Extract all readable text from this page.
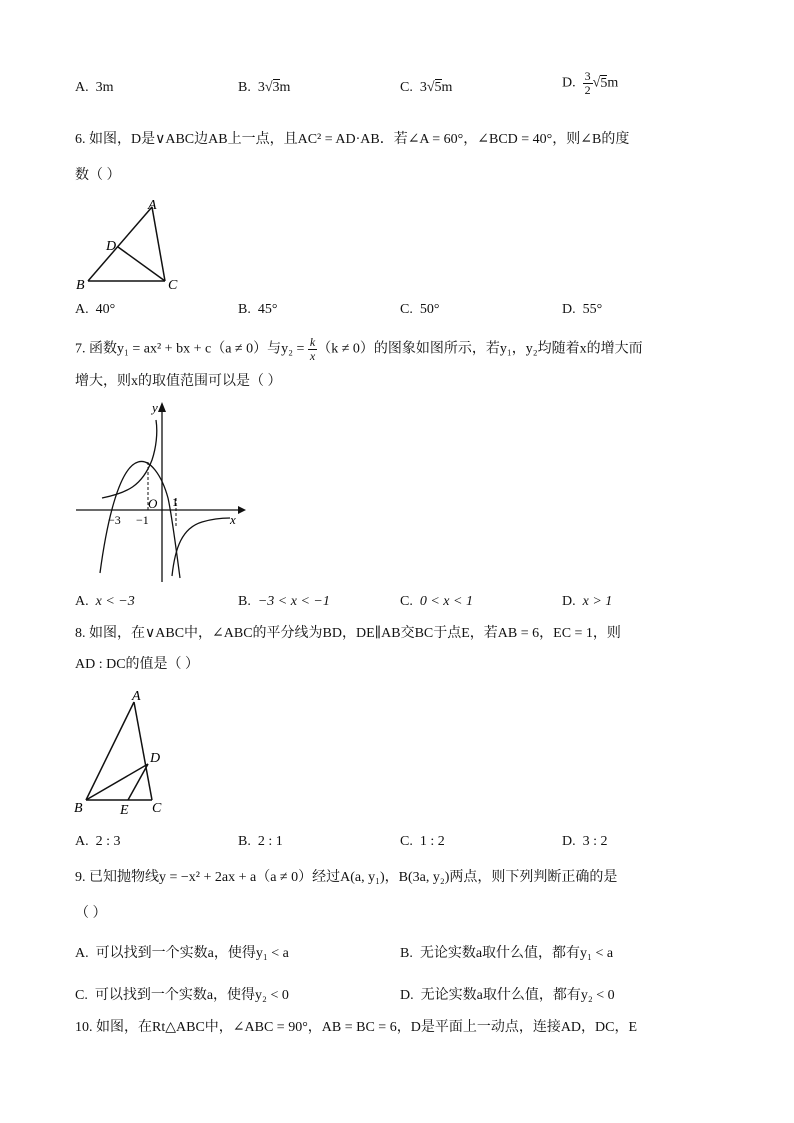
A. 3m	B. 3√3m	C. 3√5m	D. $\frac{3}{2} √5m$
6. 如图，D是∨ABC边AB上一点，且AC² = AD·AB．若∠A = 60°，∠BCD = 40°，则∠B的度
数（ ）
A
D
B	C
A. 40°	B. 45°	C. 50°	D. 55°
7. 函数y₁ = ax² + bx + c（a ≠ 0）与$y_2 = \frac{k}{x} (k \ne 0)$的图象如图所示，若y₁，y₂均随着x的增大而
增大，则x的取值范围可以是（ ）
y
x
O
−3 −1
1
A. x < −3	B. −3 < x < −1	C. 0 < x < 1	D. x > 1
8. 如图，在∨ABC中，∠ABC的平分线为BD，DE∥AB交BC于点E，若AB = 6，EC = 1，则
AD : DC的值是（ ）
A
D
B	E C
A. 2 : 3	B. 2 : 1	C. 1 : 2	D. 3 : 2
9. 已知抛物线y = −x² + 2ax + a（a ≠ 0）经过A(a, y₁)，B(3a, y₂)两点，则下列判断正确的是
（ ）
A. 可以找到一个实数a，使得y₁ < a	B. 无论实数a取什么值，都有y₁ < a
C. 可以找到一个实数a，使得y₂ < 0	D. 无论实数a取什么值，都有y₂ < 0
10. 如图，在Rt△ABC中，∠ABC = 90°，AB = BC = 6，D是平面上一动点，连接AD，DC，E
